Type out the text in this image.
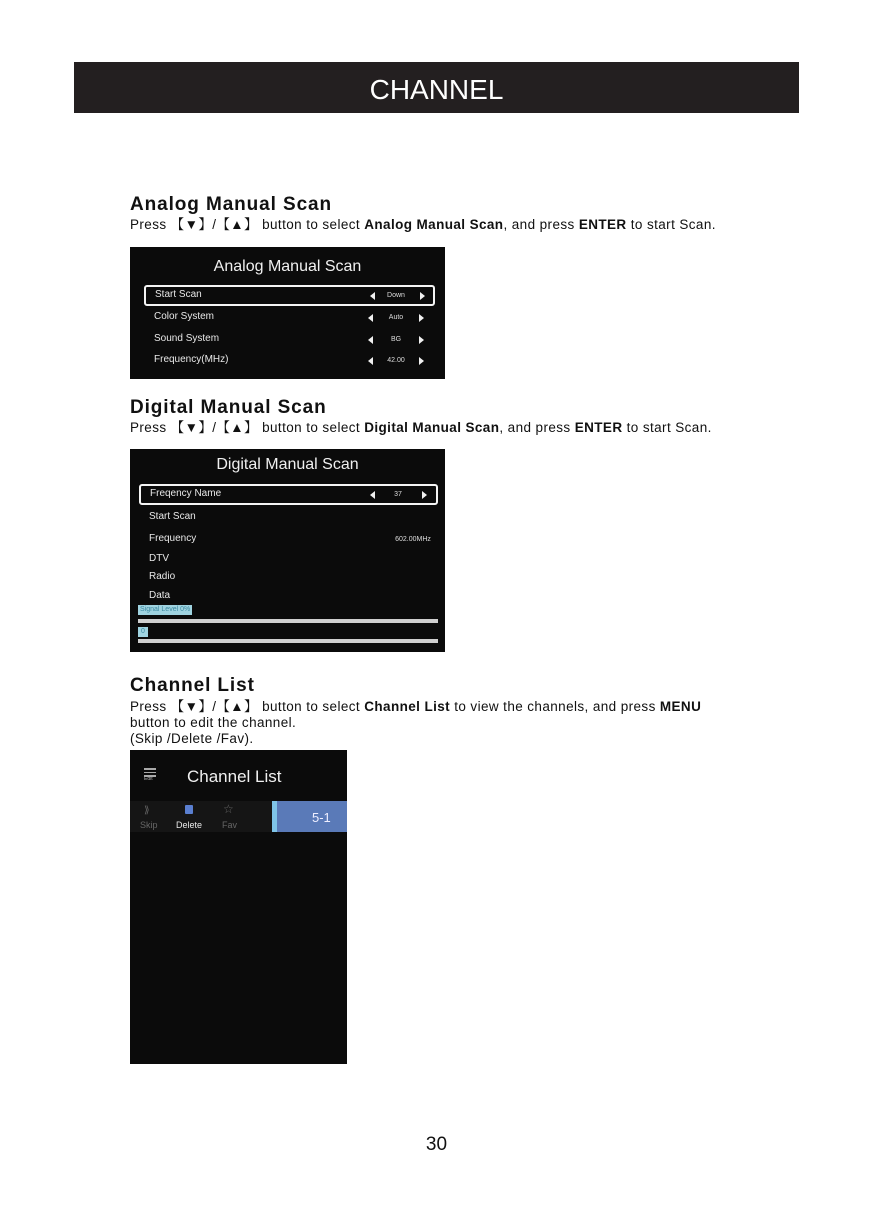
CHANNEL
Analog Manual Scan
Press 【▼】/【▲】 button to select Analog Manual Scan, and press ENTER to start Scan.
Analog Manual Scan
Start Scan	Down
Color System	Auto
Sound System	BG
Frequency(MHz)	42.00
Digital Manual Scan
Press 【▼】/【▲】 button to select Digital Manual Scan, and press ENTER to start Scan.
Digital Manual Scan
Freqency Name	37
Start Scan
Frequency	602.00MHz
DTV
Radio
Data
Signal Level 0%
0
Channel List
Press 【▼】/【▲】 button to select Channel List to view the channels, and press MENU
button to edit the channel.
(Skip /Delete /Fav).
Edit Channel List
⟫
Skip Delete
☆
Fav	5-1
30
